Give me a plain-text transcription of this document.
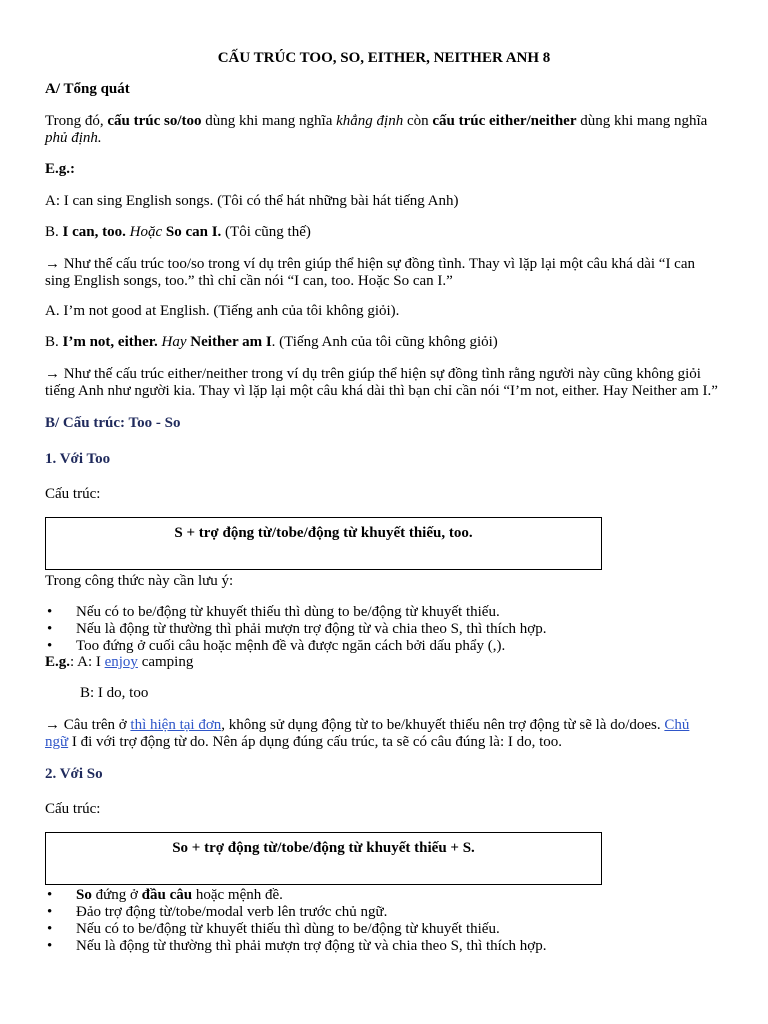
CẤU TRÚC TOO, SO, EITHER, NEITHER ANH 8
A/ Tổng quát
Trong đó, cấu trúc so/too dùng khi mang nghĩa khẳng định còn cấu trúc either/neither dùng khi mang nghĩa
phủ định.
E.g.:
A: I can sing English songs. (Tôi có thể hát những bài hát tiếng Anh)
B. I can, too. Hoặc So can I. (Tôi cũng thế)
→ Như thế cấu trúc too/so trong ví dụ trên giúp thể hiện sự đồng tình. Thay vì lặp lại một câu khá dài “I can
sing English songs, too.” thì chỉ cần nói “I can, too. Hoặc So can I.”
A. I’m not good at English. (Tiếng anh của tôi không giỏi).
B. I’m not, either. Hay Neither am I. (Tiếng Anh của tôi cũng không giỏi)
→ Như thế cấu trúc either/neither trong ví dụ trên giúp thể hiện sự đồng tình rằng người này cũng không giỏi
tiếng Anh như người kia. Thay vì lặp lại một câu khá dài thì bạn chỉ cần nói “I’m not, either. Hay Neither am I.”
B/ Cấu trúc: Too - So
1. Với Too
Cấu trúc:
S + trợ động từ/tobe/động từ khuyết thiếu, too.
Trong công thức này cần lưu ý:
• Nếu có to be/động từ khuyết thiếu thì dùng to be/động từ khuyết thiếu.
• Nếu là động từ thường thì phải mượn trợ động từ và chia theo S, thì thích hợp.
• Too đứng ở cuối câu hoặc mệnh đề và được ngăn cách bởi dấu phẩy (,).
E.g.: A: I enjoy camping
B: I do, too
→ Câu trên ở thì hiện tại đơn, không sử dụng động từ to be/khuyết thiếu nên trợ động từ sẽ là do/does. Chủ
ngữ I đi với trợ động từ do. Nên áp dụng đúng cấu trúc, ta sẽ có câu đúng là: I do, too.
2. Với So
Cấu trúc:
So + trợ động từ/tobe/động từ khuyết thiếu + S.
• So đứng ở đầu câu hoặc mệnh đề.
• Đảo trợ động từ/tobe/modal verb lên trước chủ ngữ.
• Nếu có to be/động từ khuyết thiếu thì dùng to be/động từ khuyết thiếu.
• Nếu là động từ thường thì phải mượn trợ động từ và chia theo S, thì thích hợp.
